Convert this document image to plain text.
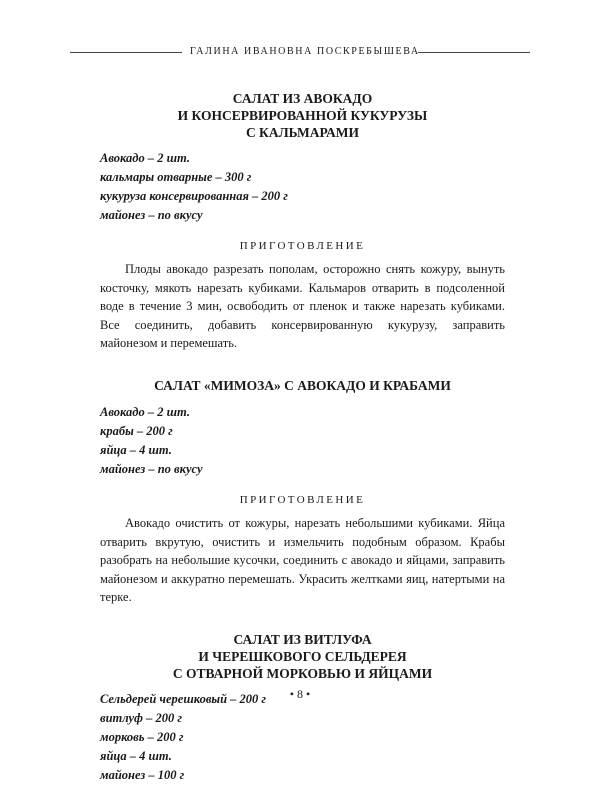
ГАЛИНА ИВАНОВНА ПОСКРЕБЫШЕВА
САЛАТ ИЗ АВОКАДО
И КОНСЕРВИРОВАННОЙ КУКУРУЗЫ
С КАЛЬМАРАМИ
Авокадо – 2 шт.
кальмары отварные – 300 г
кукуруза консервированная – 200 г
майонез – по вкусу
ПРИГОТОВЛЕНИЕ

Плоды авокадо разрезать пополам, осторожно снять кожуру, вынуть косточку, мякоть нарезать кубиками. Кальмаров отварить в подсоленной воде в течение 3 мин, освободить от пленок и также нарезать кубиками. Все соединить, добавить консервированную кукурузу, заправить майонезом и перемешать.

САЛАТ «МИМОЗА» С АВОКАДО И КРАБАМИ
Авокадо – 2 шт.
крабы – 200 г
яйца – 4 шт.
майонез – по вкусу
ПРИГОТОВЛЕНИЕ

Авокадо очистить от кожуры, нарезать небольшими кубиками. Яйца отварить вкрутую, очистить и измельчить подобным образом. Крабы разобрать на небольшие кусочки, соединить с авокадо и яйцами, заправить майонезом и аккуратно перемешать. Украсить желтками яиц, натертыми на терке.

САЛАТ ИЗ ВИТЛУФА
И ЧЕРЕШКОВОГО СЕЛЬДЕРЕЯ
С ОТВАРНОЙ МОРКОВЬЮ И ЯЙЦАМИ
Сельдерей черешковый – 200 г
витлуф – 200 г
морковь – 200 г
яйца – 4 шт.
майонез – 100 г
• 8 •
